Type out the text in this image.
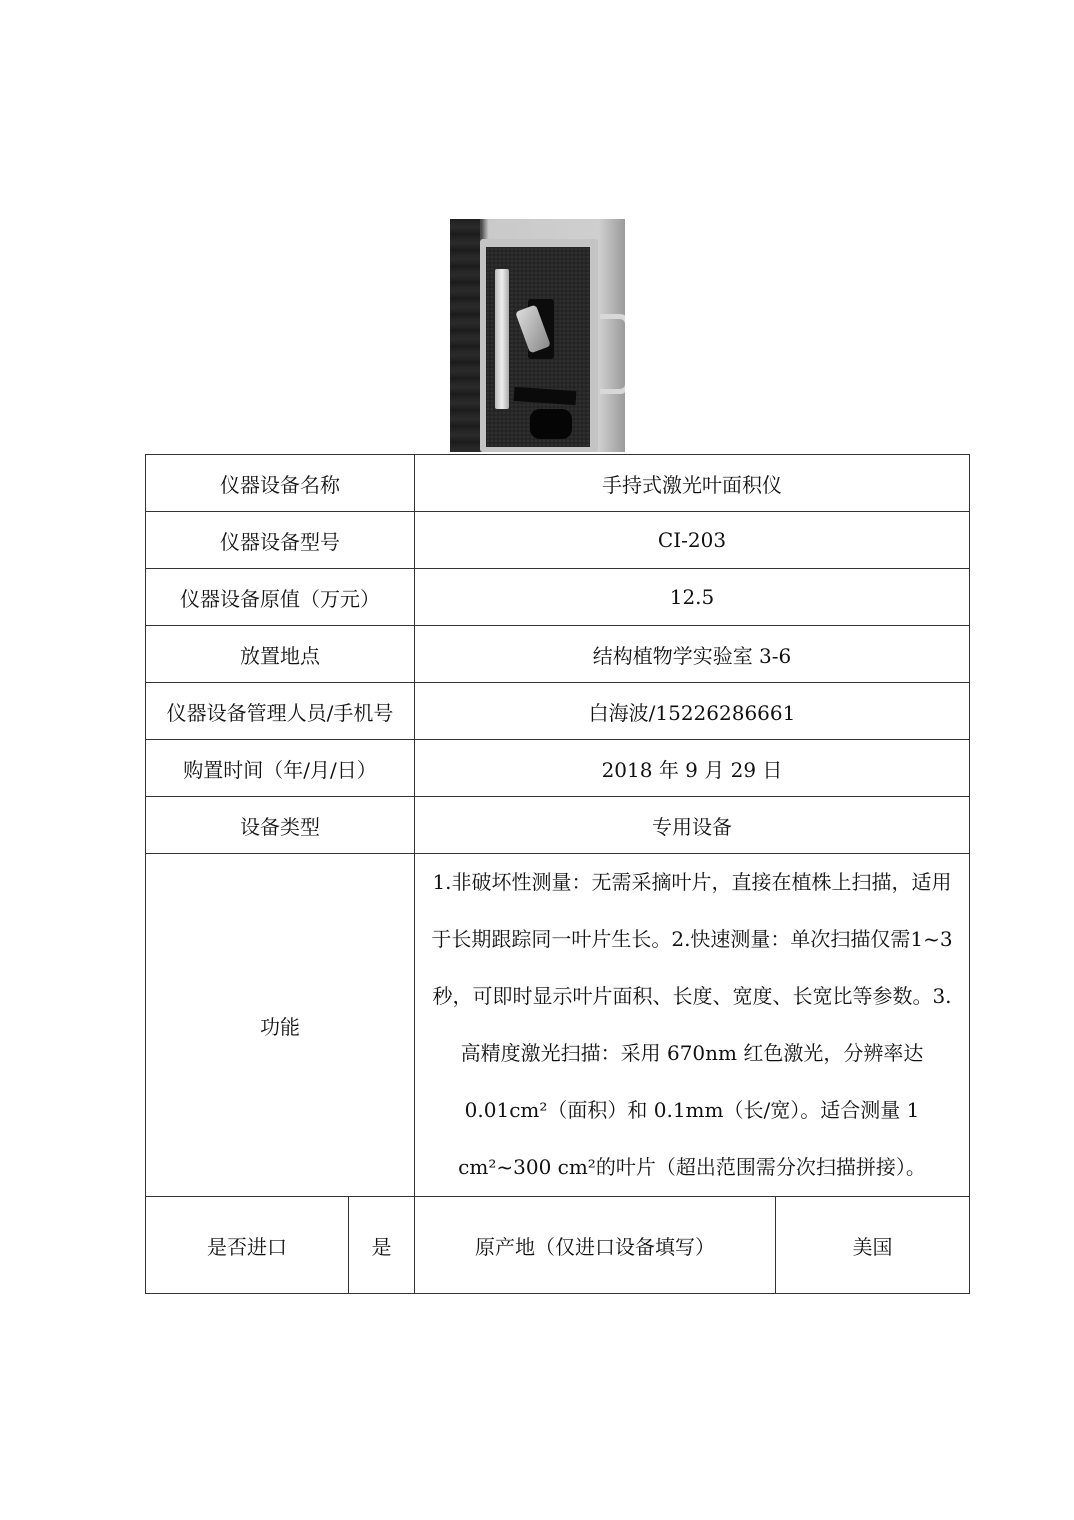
仪器设备名称		手持式激光叶面积仪	
仪器设备型号		CI-203	
仪器设备原值（万元）		12.5	
放置地点		结构植物学实验室 3-6	
仪器设备管理人员/手机号		白海波/15226286661	
购置时间（年/月/日）		2018 年 9 月 29 日	
设备类型		专用设备	
功能		1.非破坏性测量：无需采摘叶片，直接在植株上扫描，适用于长期跟踪同一叶片生长。2.快速测量：单次扫描仅需1~3 秒，可即时显示叶片面积、长度、宽度、长宽比等参数。3.高精度激光扫描：采用 670nm 红色激光，分辨率达0.01cm²（面积）和 0.1mm（长/宽）。适合测量 1 cm²~300 cm²的叶片（超出范围需分次扫描拼接）。	
是否进口	是	原产地（仅进口设备填写）	美国
